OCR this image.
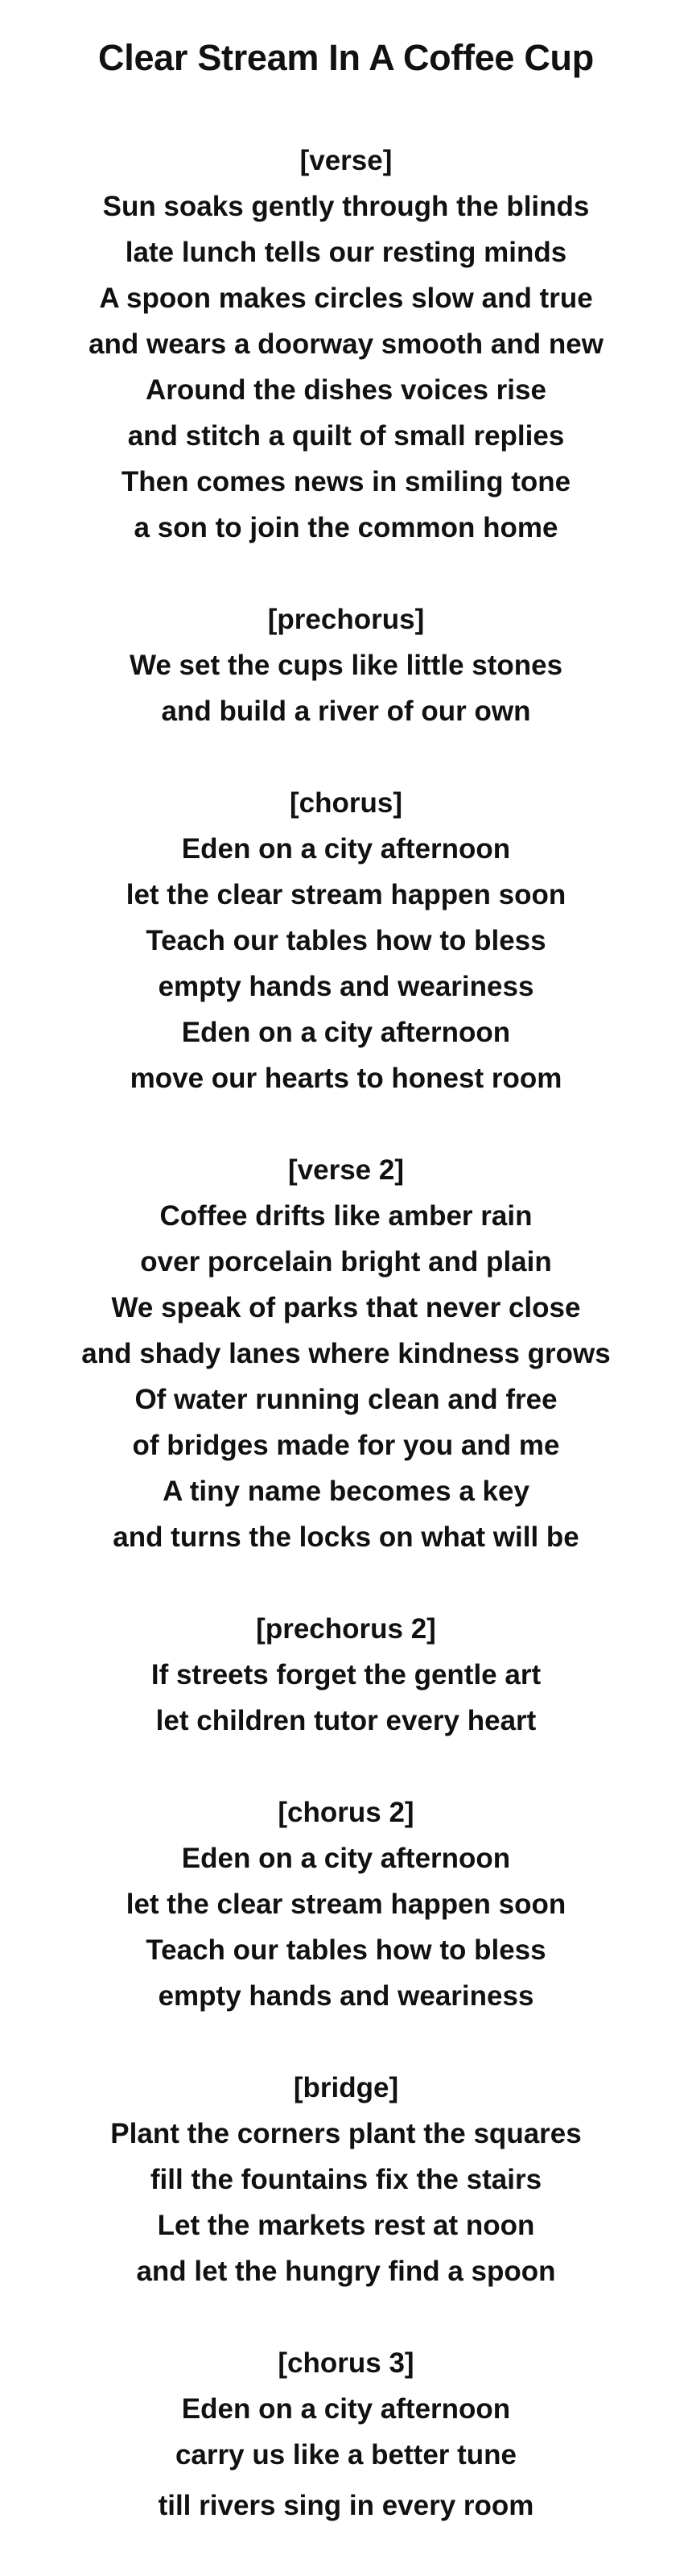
Clear Stream In A Coffee Cup
[verse]
Sun soaks gently through the blinds
late lunch tells our resting minds
A spoon makes circles slow and true
and wears a doorway smooth and new
Around the dishes voices rise
and stitch a quilt of small replies
Then comes news in smiling tone
a son to join the common home
[prechorus]
We set the cups like little stones
and build a river of our own
[chorus]
Eden on a city afternoon
let the clear stream happen soon
Teach our tables how to bless
empty hands and weariness
Eden on a city afternoon
move our hearts to honest room
[verse 2]
Coffee drifts like amber rain
over porcelain bright and plain
We speak of parks that never close
and shady lanes where kindness grows
Of water running clean and free
of bridges made for you and me
A tiny name becomes a key
and turns the locks on what will be
[prechorus 2]
If streets forget the gentle art
let children tutor every heart
[chorus 2]
Eden on a city afternoon
let the clear stream happen soon
Teach our tables how to bless
empty hands and weariness
[bridge]
Plant the corners plant the squares
fill the fountains fix the stairs
Let the markets rest at noon
and let the hungry find a spoon
[chorus 3]
Eden on a city afternoon
carry us like a better tune
till rivers sing in every room
